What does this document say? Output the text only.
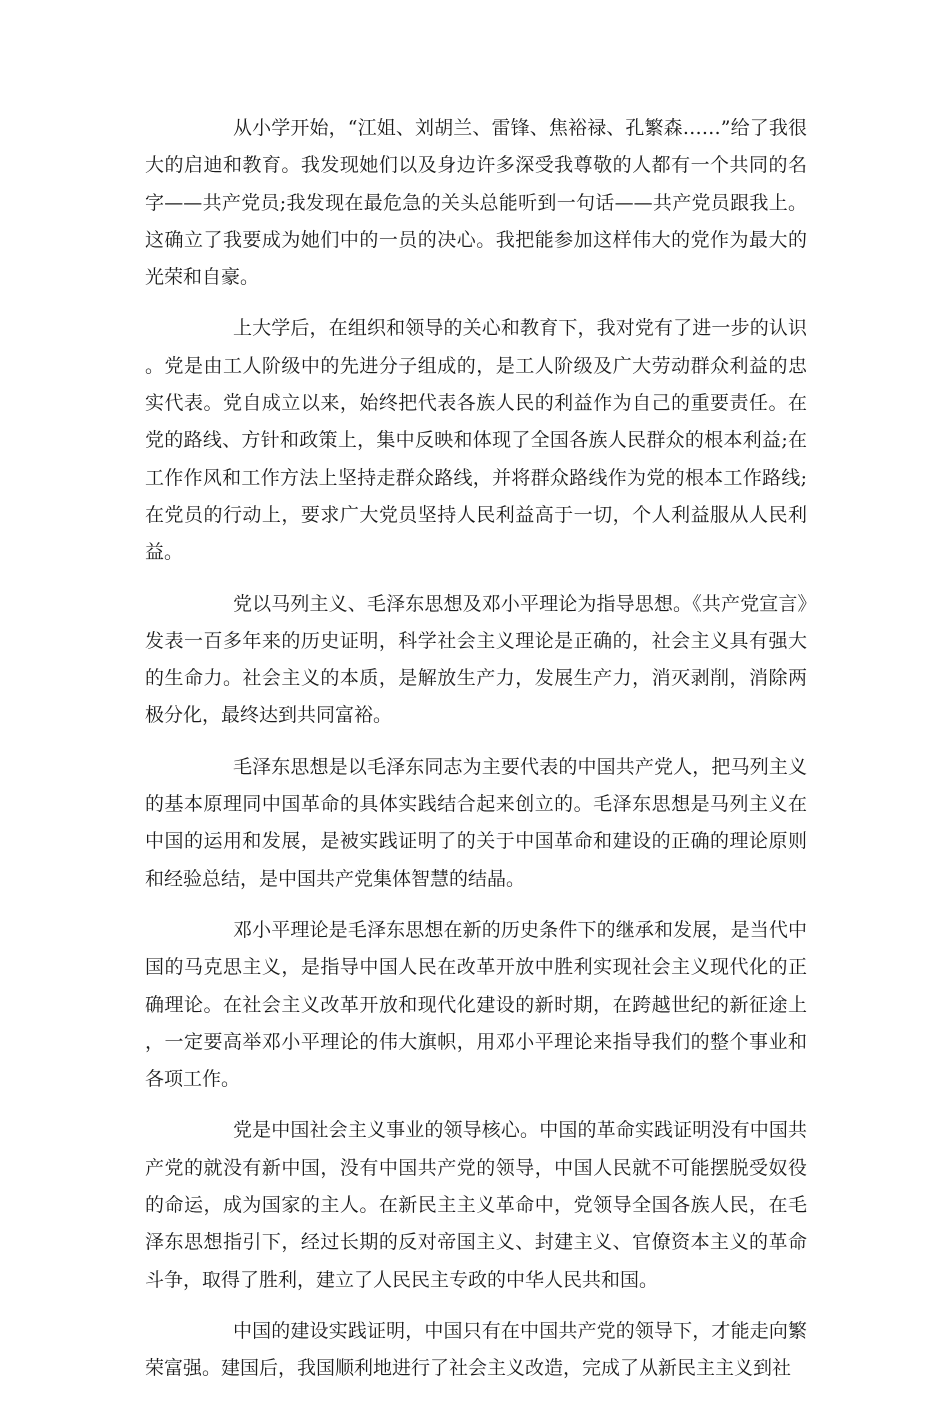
从小学开始，“江姐、刘胡兰、雷锋、焦裕禄、孔繁森……”给了我很大的启迪和教育。我发现她们以及身边许多深受我尊敬的人都有一个共同的名字——共产党员;我发现在最危急的关头总能听到一句话——共产党员跟我上。这确立了我要成为她们中的一员的决心。我把能参加这样伟大的党作为最大的光荣和自豪。

上大学后，在组织和领导的关心和教育下，我对党有了进一步的认识。党是由工人阶级中的先进分子组成的，是工人阶级及广大劳动群众利益的忠实代表。党自成立以来，始终把代表各族人民的利益作为自己的重要责任。在党的路线、方针和政策上，集中反映和体现了全国各族人民群众的根本利益;在工作作风和工作方法上坚持走群众路线，并将群众路线作为党的根本工作路线;在党员的行动上，要求广大党员坚持人民利益高于一切，个人利益服从人民利益。

党以马列主义、毛泽东思想及邓小平理论为指导思想。《共产党宣言》发表一百多年来的历史证明，科学社会主义理论是正确的，社会主义具有强大的生命力。社会主义的本质，是解放生产力，发展生产力，消灭剥削，消除两极分化，最终达到共同富裕。

毛泽东思想是以毛泽东同志为主要代表的中国共产党人，把马列主义的基本原理同中国革命的具体实践结合起来创立的。毛泽东思想是马列主义在中国的运用和发展，是被实践证明了的关于中国革命和建设的正确的理论原则和经验总结，是中国共产党集体智慧的结晶。

邓小平理论是毛泽东思想在新的历史条件下的继承和发展，是当代中国的马克思主义，是指导中国人民在改革开放中胜利实现社会主义现代化的正确理论。在社会主义改革开放和现代化建设的新时期，在跨越世纪的新征途上，一定要高举邓小平理论的伟大旗帜，用邓小平理论来指导我们的整个事业和各项工作。

党是中国社会主义事业的领导核心。中国的革命实践证明没有中国共产党的就没有新中国，没有中国共产党的领导，中国人民就不可能摆脱受奴役的命运，成为国家的主人。在新民主主义革命中，党领导全国各族人民，在毛泽东思想指引下，经过长期的反对帝国主义、封建主义、官僚资本主义的革命斗争，取得了胜利，建立了人民民主专政的中华人民共和国。

中国的建设实践证明，中国只有在中国共产党的领导下，才能走向繁荣富强。建国后，我国顺利地进行了社会主义改造，完成了从新民主主义到社
